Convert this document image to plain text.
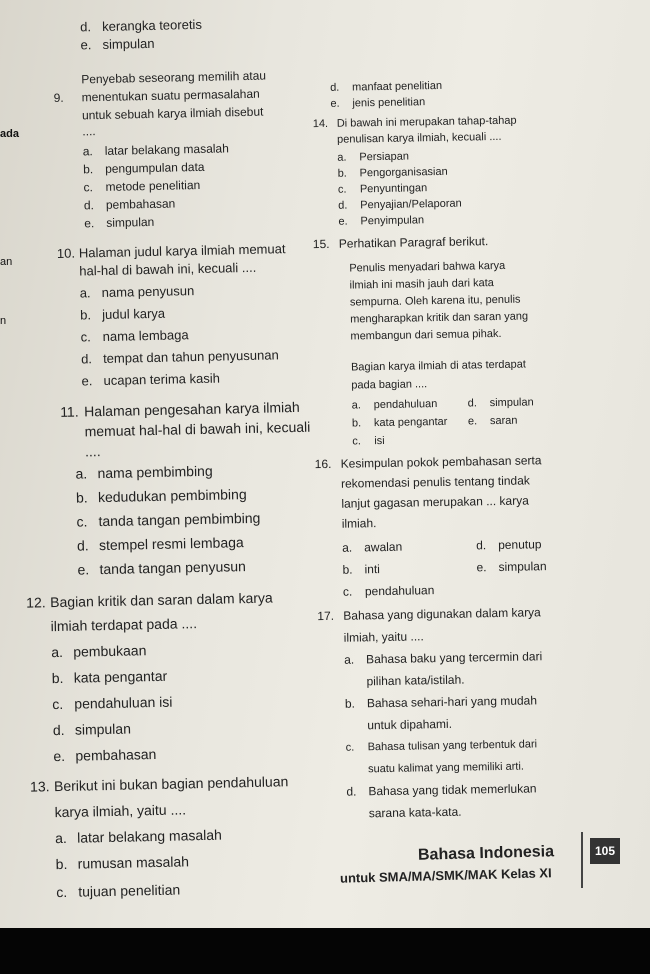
ada
an
n
d. kerangka teoretis
e. simpulan
Penyebab seseorang memilih atau
9. menentukan suatu permasalahan
untuk sebuah karya ilmiah disebut
....
a. latar belakang masalah
b. pengumpulan data
c. metode penelitian
d. pembahasan
e. simpulan
10. Halaman judul karya ilmiah memuat
hal-hal di bawah ini, kecuali ....
a. nama penyusun
b. judul karya
c. nama lembaga
d. tempat dan tahun penyusunan
e. ucapan terima kasih
11. Halaman pengesahan karya ilmiah
memuat hal-hal di bawah ini, kecuali
....
a. nama pembimbing
b. kedudukan pembimbing
c. tanda tangan pembimbing
d. stempel resmi lembaga
e. tanda tangan penyusun
12. Bagian kritik dan saran dalam karya
ilmiah terdapat pada ....
a. pembukaan
b. kata pengantar
c. pendahuluan isi
d. simpulan
e. pembahasan
13. Berikut ini bukan bagian pendahuluan
karya ilmiah, yaitu ....
a. latar belakang masalah
b. rumusan masalah
c. tujuan penelitian
d. manfaat penelitian
e. jenis penelitian
14. Di bawah ini merupakan tahap-tahap
penulisan karya ilmiah, kecuali ....
a. Persiapan
b. Pengorganisasian
c. Penyuntingan
d. Penyajian/Pelaporan
e. Penyimpulan
15. Perhatikan Paragraf berikut.
Penulis menyadari bahwa karya
ilmiah ini masih jauh dari kata
sempurna. Oleh karena itu, penulis
mengharapkan kritik dan saran yang
membangun dari semua pihak.
Bagian karya ilmiah di atas terdapat
pada bagian ....
a. pendahuluan	d. simpulan
b. kata pengantar e. saran
c. isi
16. Kesimpulan pokok pembahasan serta
rekomendasi penulis tentang tindak
lanjut gagasan merupakan ... karya
ilmiah.
a. awalan	d. penutup
b. inti	e. simpulan
c. pendahuluan
17. Bahasa yang digunakan dalam karya
ilmiah, yaitu ....
a. Bahasa baku yang tercermin dari
pilihan kata/istilah.
b. Bahasa sehari-hari yang mudah
untuk dipahami.
c. Bahasa tulisan yang terbentuk dari
suatu kalimat yang memiliki arti.
d. Bahasa yang tidak memerlukan
sarana kata-kata.
Bahasa Indonesia
untuk SMA/MA/SMK/MAK Kelas XI
105
